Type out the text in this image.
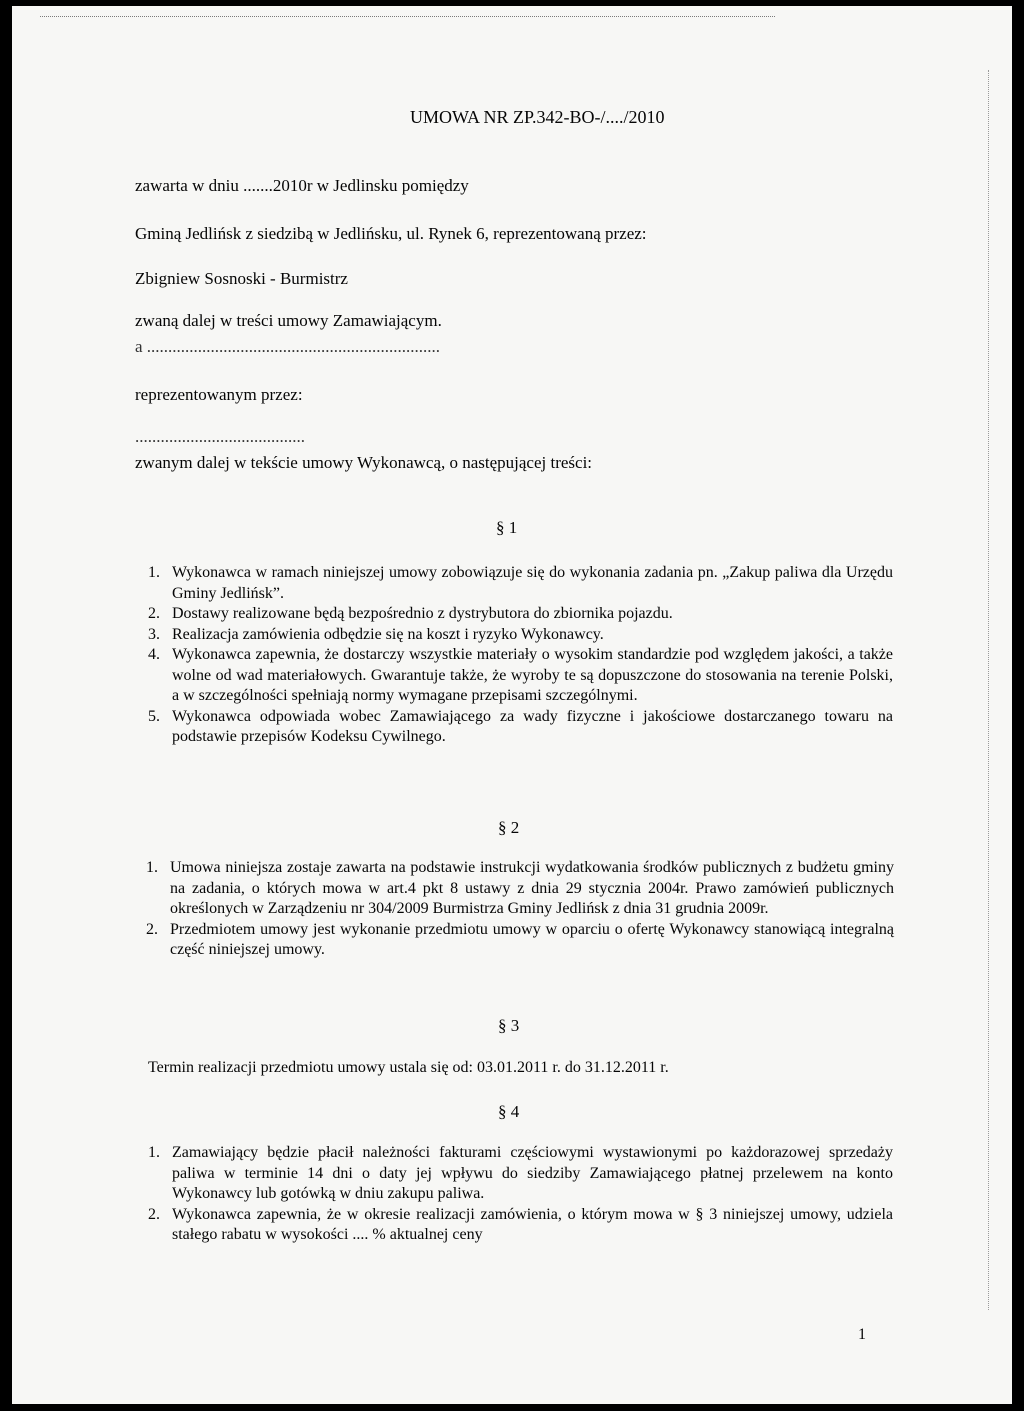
UMOWA NR ZP.342-BO-/..../2010
zawarta w dniu .......2010r w Jedlinsku pomiędzy
Gminą Jedlińsk z siedzibą w Jedlińsku, ul. Rynek 6, reprezentowaną przez:
Zbigniew Sosnoski - Burmistrz
zwaną dalej w treści umowy Zamawiającym.
a .....................................................................
reprezentowanym przez:
........................................
zwanym dalej w tekście umowy Wykonawcą, o następującej treści:
§ 1
1. Wykonawca w ramach niniejszej umowy zobowiązuje się do wykonania zadania pn. „Zakup paliwa dla Urzędu Gminy Jedlińsk”.
2. Dostawy realizowane będą bezpośrednio z dystrybutora do zbiornika pojazdu.
3. Realizacja zamówienia odbędzie się na koszt i ryzyko Wykonawcy.
4. Wykonawca zapewnia, że dostarczy wszystkie materiały o wysokim standardzie pod względem jakości, a także wolne od wad materiałowych. Gwarantuje także, że wyroby te są dopuszczone do stosowania na terenie Polski, a w szczególności spełniają normy wymagane przepisami szczególnymi.
5. Wykonawca odpowiada wobec Zamawiającego za wady fizyczne i jakościowe dostarczanego towaru na podstawie przepisów Kodeksu Cywilnego.
§ 2
1. Umowa niniejsza zostaje zawarta na podstawie instrukcji wydatkowania środków publicznych z budżetu gminy na zadania, o których mowa w art.4 pkt 8 ustawy z dnia 29 stycznia 2004r. Prawo zamówień publicznych określonych w Zarządzeniu nr 304/2009 Burmistrza Gminy Jedlińsk z dnia 31 grudnia 2009r.
2. Przedmiotem umowy jest wykonanie przedmiotu umowy w oparciu o ofertę Wykonawcy stanowiącą integralną część niniejszej umowy.
§ 3
Termin realizacji przedmiotu umowy ustala się od: 03.01.2011 r. do 31.12.2011 r.
§ 4
1. Zamawiający będzie płacił należności fakturami częściowymi wystawionymi po każdorazowej sprzedaży paliwa w terminie 14 dni o daty jej wpływu do siedziby Zamawiającego płatnej przelewem na konto Wykonawcy lub gotówką w dniu zakupu paliwa.
2. Wykonawca zapewnia, że w okresie realizacji zamówienia, o którym mowa w § 3 niniejszej umowy, udziela stałego rabatu w wysokości .... % aktualnej ceny
1
